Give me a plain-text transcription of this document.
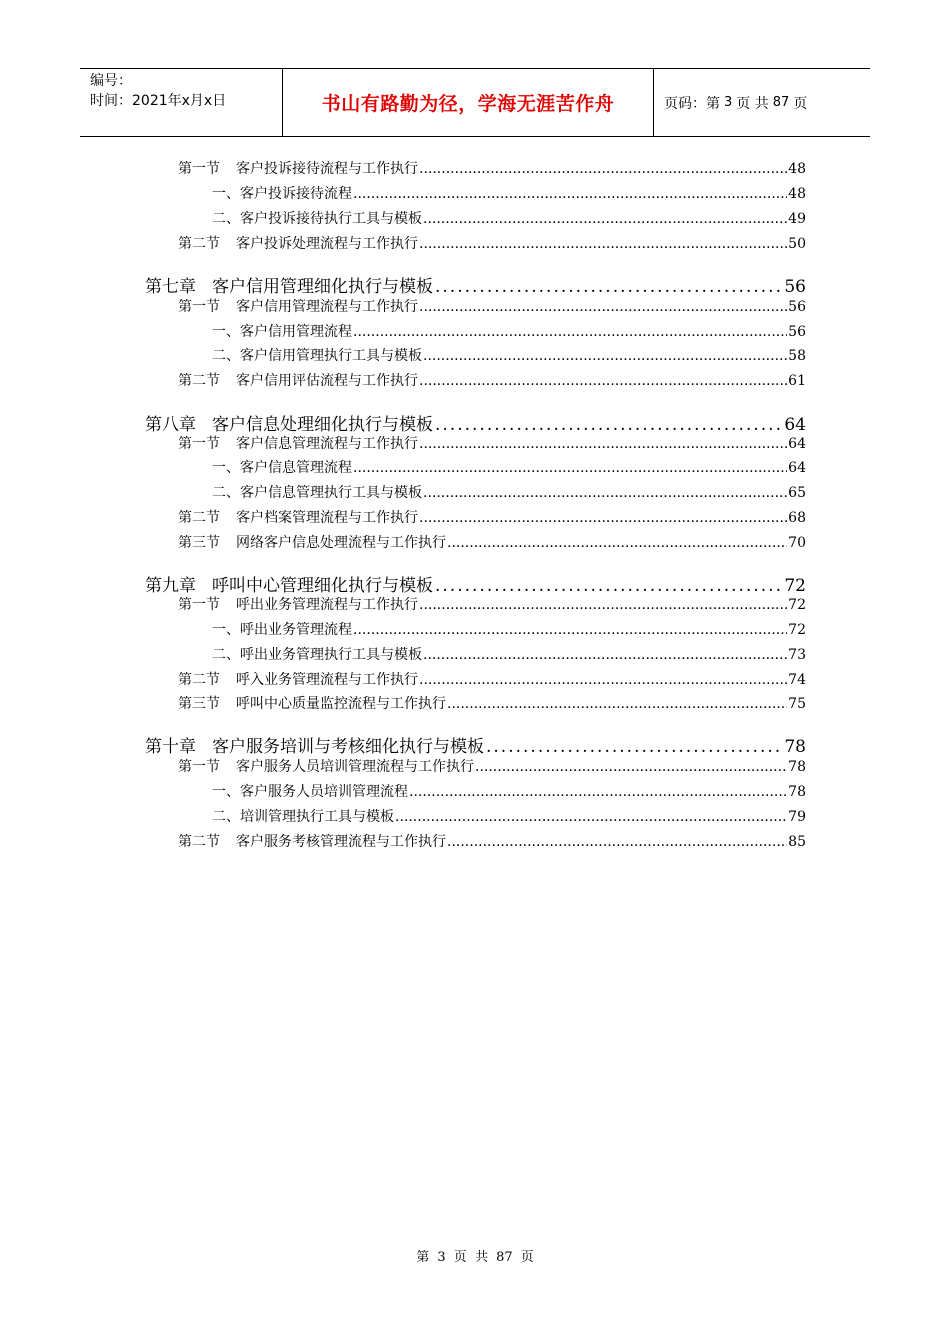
编号：
时间：2021年x月x日	书山有路勤为径，学海无涯苦作舟	页码：第 3 页 共 87 页
第一节 客户投诉接待流程与工作执行 .....	48
一、客户投诉接待流程 .....	48
二、客户投诉接待执行工具与模板 .....	49
第二节 客户投诉处理流程与工作执行 .....	50
第七章 客户信用管理细化执行与模板 .....	56
第一节 客户信用管理流程与工作执行 .....	56
一、客户信用管理流程 .....	56
二、客户信用管理执行工具与模板 .....	58
第二节 客户信用评估流程与工作执行 .....	61
第八章 客户信息处理细化执行与模板 .....	64
第一节 客户信息管理流程与工作执行 .....	64
一、客户信息管理流程 .....	64
二、客户信息管理执行工具与模板 .....	65
第二节 客户档案管理流程与工作执行 .....	68
第三节 网络客户信息处理流程与工作执行 .....	70
第九章 呼叫中心管理细化执行与模板 .....	72
第一节 呼出业务管理流程与工作执行 .....	72
一、呼出业务管理流程 .....	72
二、呼出业务管理执行工具与模板 .....	73
第二节 呼入业务管理流程与工作执行 .....	74
第三节 呼叫中心质量监控流程与工作执行 .....	75
第十章 客户服务培训与考核细化执行与模板 .....	78
第一节 客户服务人员培训管理流程与工作执行 .....	78
一、客户服务人员培训管理流程 .....	78
二、培训管理执行工具与模板 .....	79
第二节 客户服务考核管理流程与工作执行 .....	85
第 3 页 共 87 页
